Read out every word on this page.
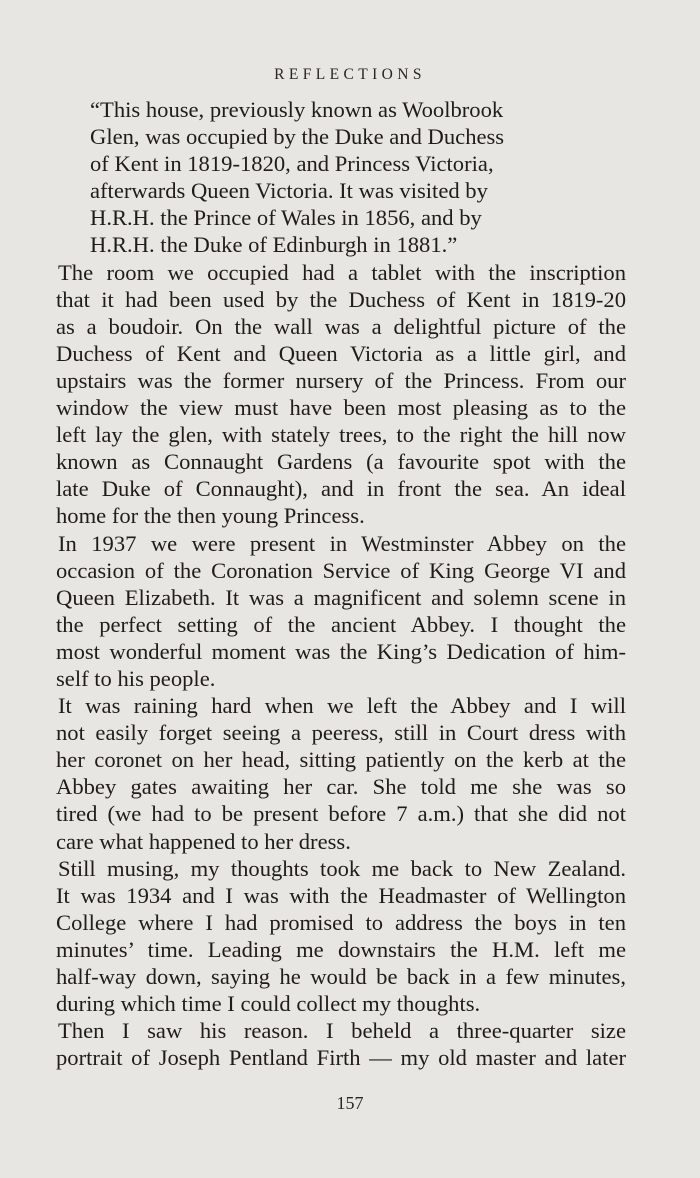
REFLECTIONS
“This house, previously known as Woolbrook
Glen, was occupied by the Duke and Duchess
of Kent in 1819-1820, and Princess Victoria,
afterwards Queen Victoria. It was visited by
H.R.H. the Prince of Wales in 1856, and by
H.R.H. the Duke of Edinburgh in 1881.”
The room we occupied had a tablet with the inscription
that it had been used by the Duchess of Kent in 1819-20
as a boudoir. On the wall was a delightful picture of the
Duchess of Kent and Queen Victoria as a little girl, and
upstairs was the former nursery of the Princess. From our
window the view must have been most pleasing as to the
left lay the glen, with stately trees, to the right the hill now
known as Connaught Gardens (a favourite spot with the
late Duke of Connaught), and in front the sea. An ideal
home for the then young Princess.
In 1937 we were present in Westminster Abbey on the
occasion of the Coronation Service of King George VI and
Queen Elizabeth. It was a magnificent and solemn scene in
the perfect setting of the ancient Abbey. I thought the
most wonderful moment was the King’s Dedication of him-
self to his people.
It was raining hard when we left the Abbey and I will
not easily forget seeing a peeress, still in Court dress with
her coronet on her head, sitting patiently on the kerb at the
Abbey gates awaiting her car. She told me she was so
tired (we had to be present before 7 a.m.) that she did not
care what happened to her dress.
Still musing, my thoughts took me back to New Zealand.
It was 1934 and I was with the Headmaster of Wellington
College where I had promised to address the boys in ten
minutes’ time. Leading me downstairs the H.M. left me
half-way down, saying he would be back in a few minutes,
during which time I could collect my thoughts.
Then I saw his reason. I beheld a three-quarter size
portrait of Joseph Pentland Firth — my old master and later
157
